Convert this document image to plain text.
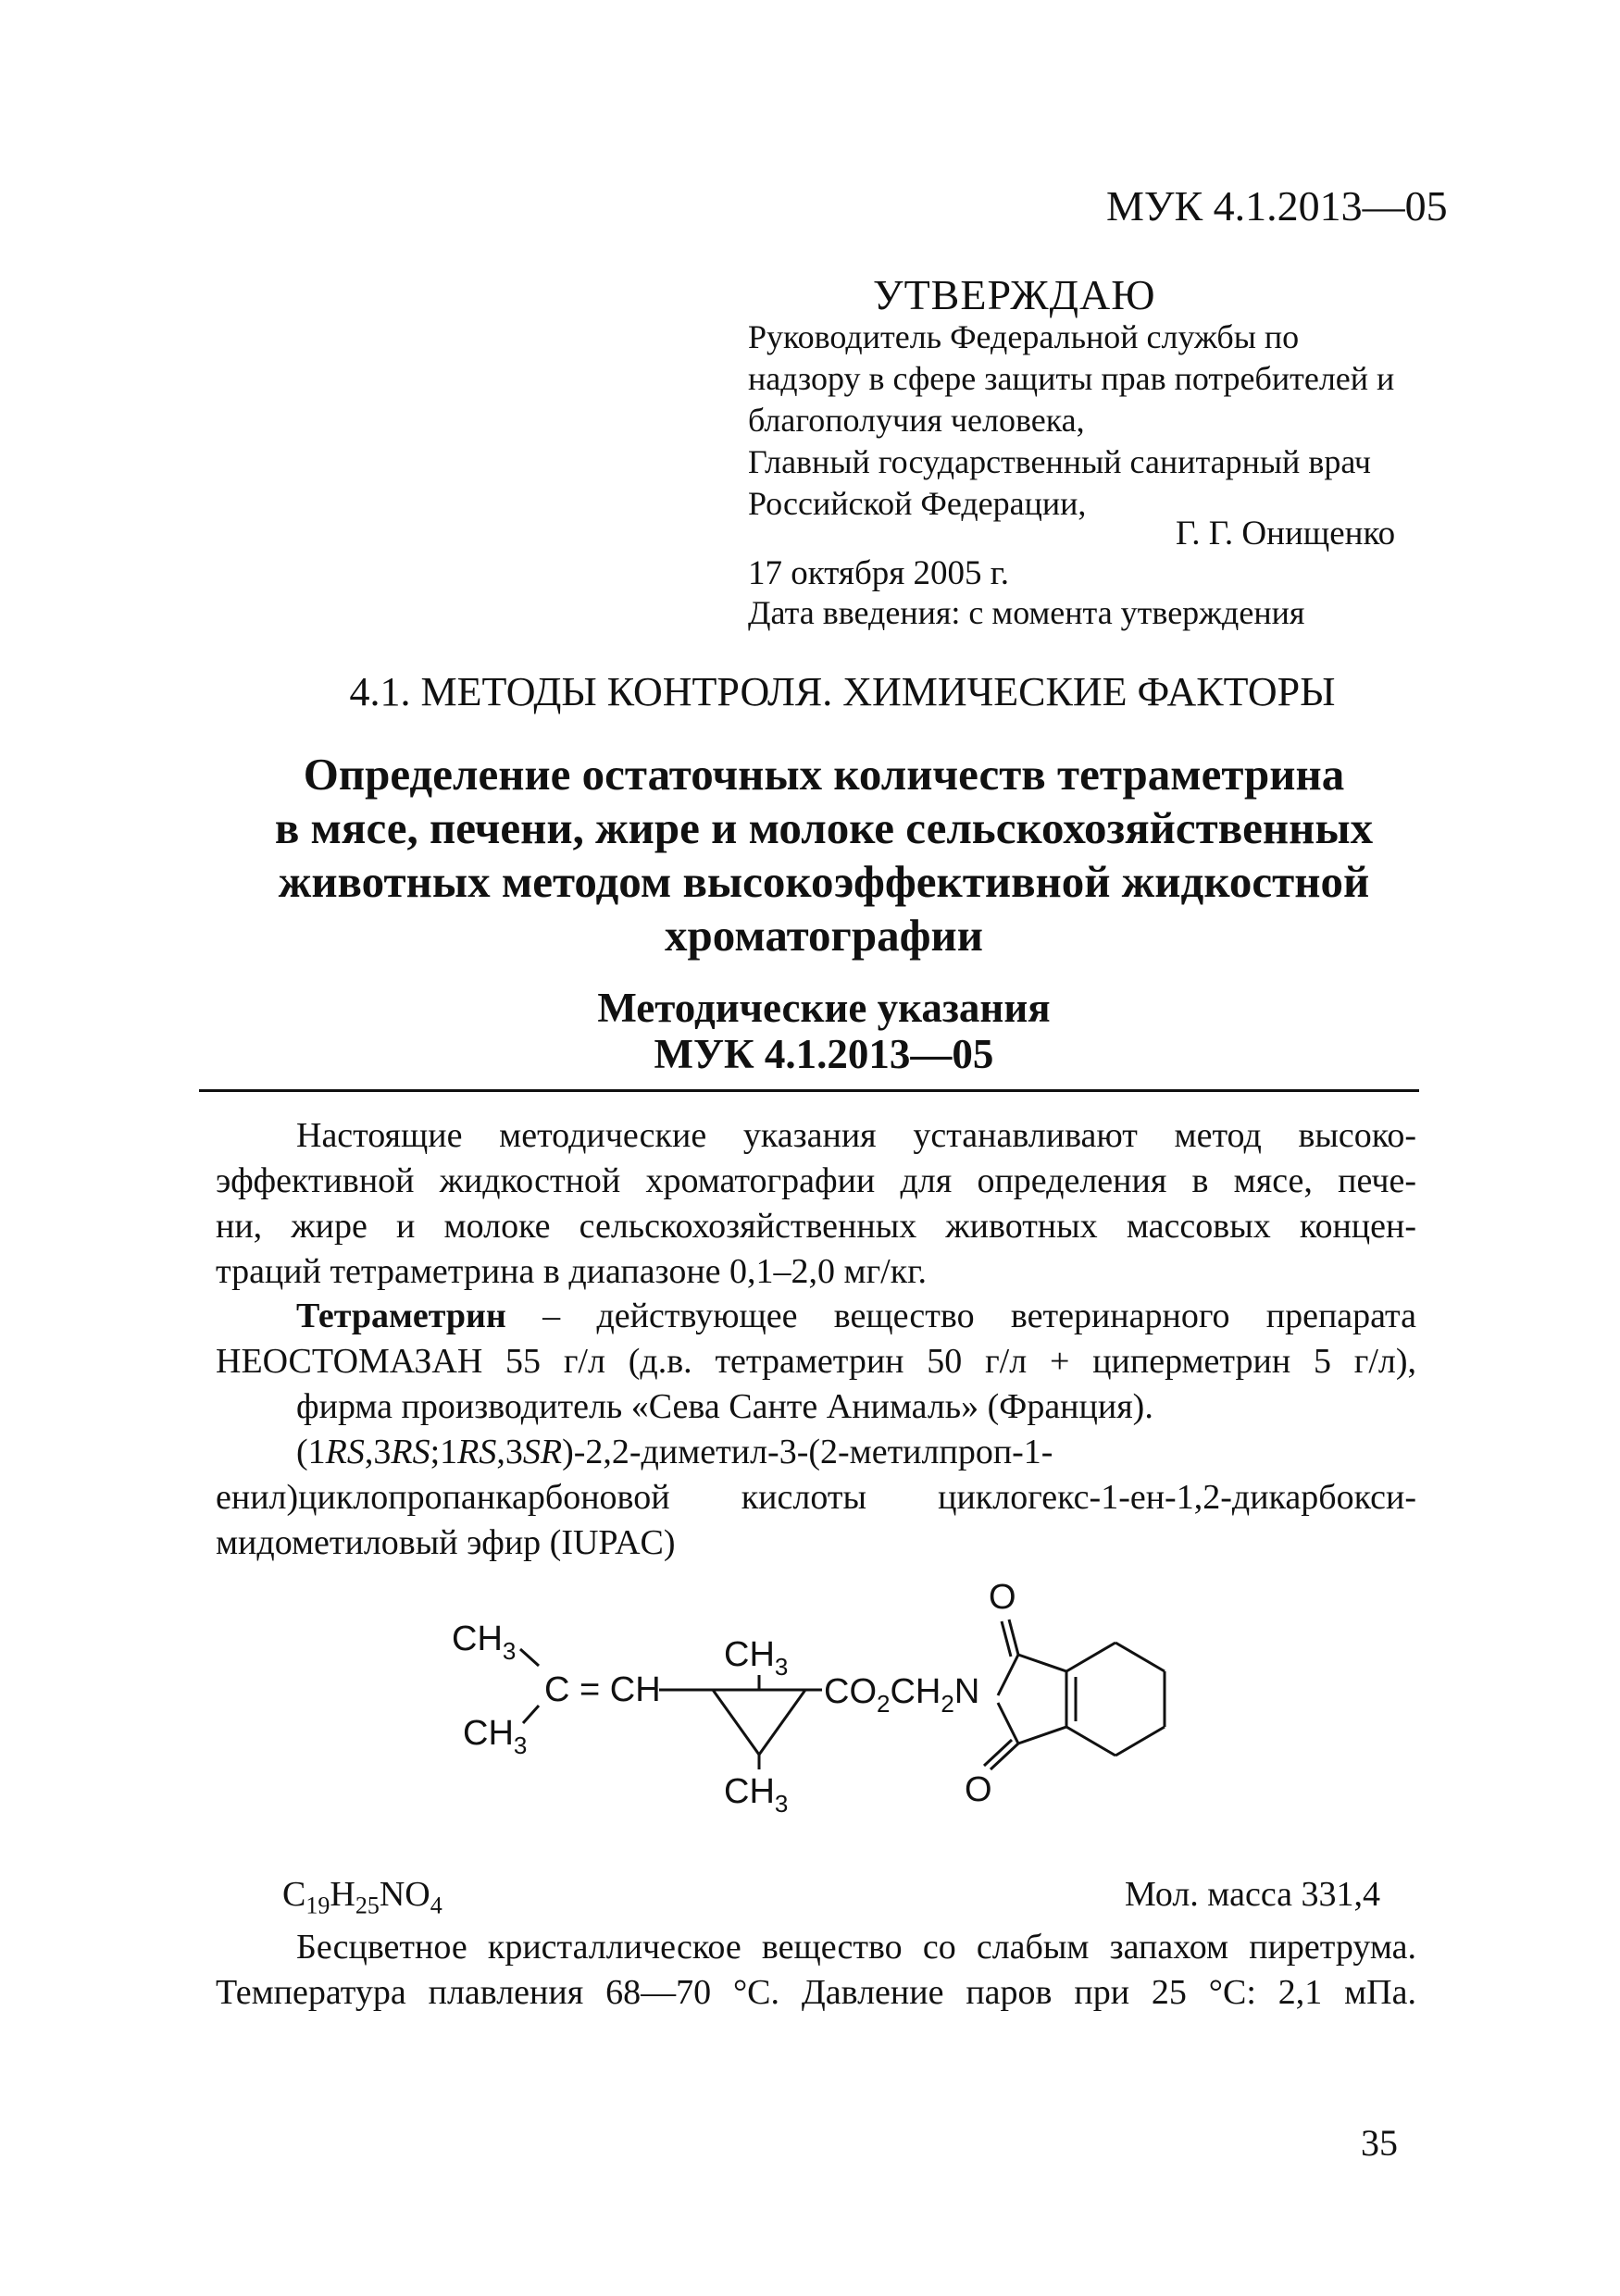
МУК 4.1.2013—05
УТВЕРЖДАЮ
Руководитель Федеральной службы по
надзору в сфере защиты прав потребителей и
благополучия человека,
Главный государственный санитарный врач
Российской Федерации,
Г. Г. Онищенко
17 октября 2005 г.
Дата введения: с момента утверждения
4.1. МЕТОДЫ КОНТРОЛЯ. ХИМИЧЕСКИЕ ФАКТОРЫ
Определение остаточных количеств тетраметрина
в мясе, печени, жире и молоке сельскохозяйственных
животных методом высокоэффективной жидкостной
хроматографии
Методические указания
МУК 4.1.2013—05
Настоящие методические указания устанавливают метод высоко-
эффективной жидкостной хроматографии для определения в мясе, пече-
ни, жире и молоке сельскохозяйственных животных массовых концен-
траций тетраметрина в диапазоне 0,1–2,0 мг/кг.
Тетраметрин – действующее вещество ветеринарного препарата
НЕОСТОМАЗАН 55 г/л (д.в. тетраметрин 50 г/л + циперметрин 5 г/л),
фирма производитель «Сева Санте Анималь» (Франция).
(1RS,3RS;1RS,3SR)-2,2-диметил-3-(2-метилпроп-1-
енил)циклопропанкарбоновой кислоты циклогекс-1-ен-1,2-дикарбокси-
мидометиловый эфир (IUPAC)
$CH_3$
$CH_3$
C = CH
$CH_3$
$CH_3$
$CO_2CH_2N$
O
O
$C_{19}H_{25}NO_4$	Мол. масса 331,4
Бесцветное кристаллическое вещество со слабым запахом пиретрума.
Температура плавления 68—70 °С. Давление паров при 25 °С: 2,1 мПа.
35
